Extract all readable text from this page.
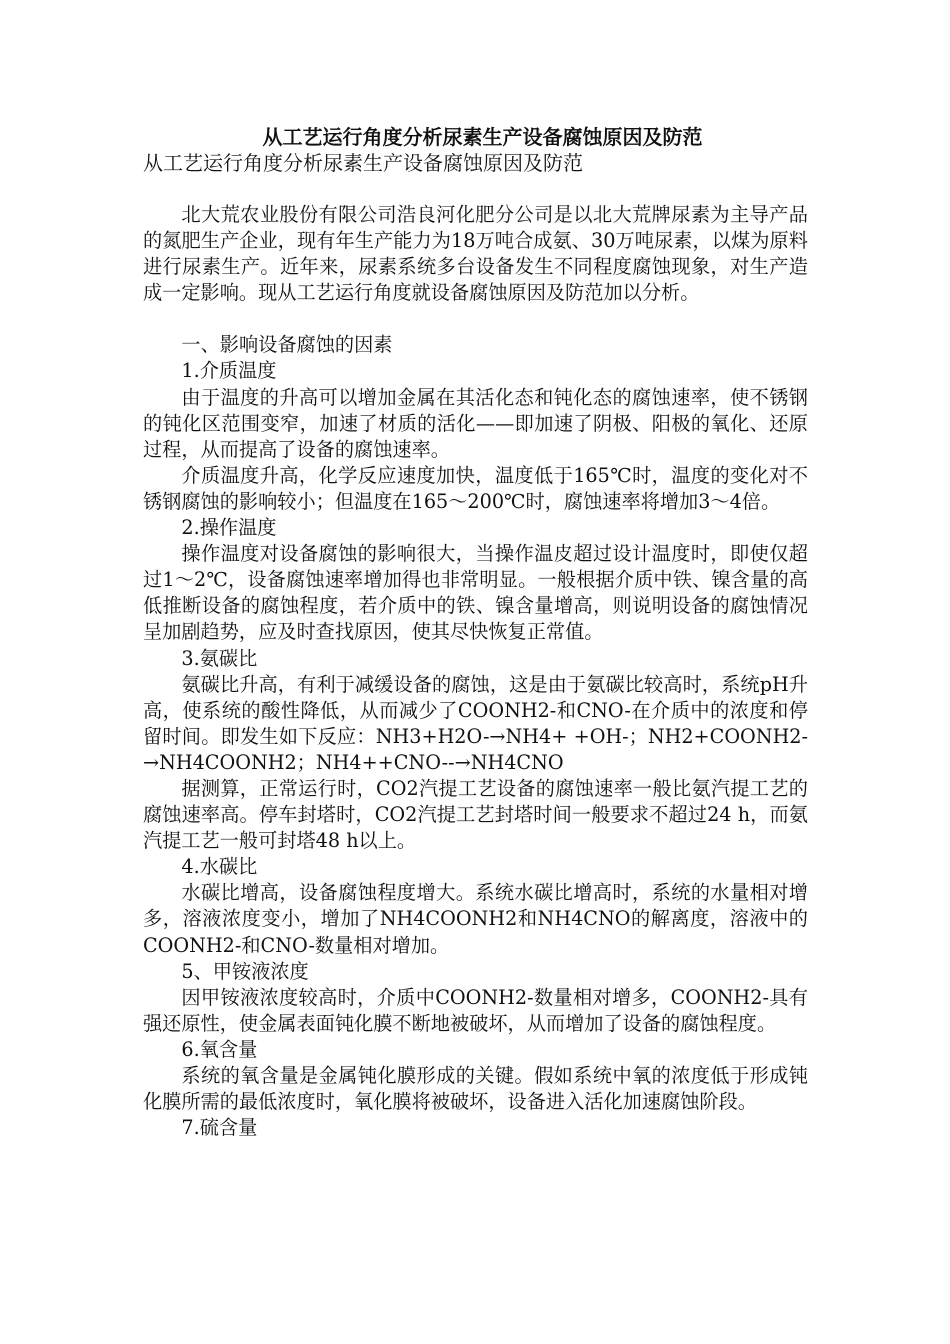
从工艺运行角度分析尿素生产设备腐蚀原因及防范

从工艺运行角度分析尿素生产设备腐蚀原因及防范

北大荒农业股份有限公司浩良河化肥分公司是以北大荒牌尿素为主导产品的氮肥生产企业，现有年生产能力为18万吨合成氨、30万吨尿素，以煤为原料进行尿素生产。近年来，尿素系统多台设备发生不同程度腐蚀现象，对生产造成一定影响。现从工艺运行角度就设备腐蚀原因及防范加以分析。

一、影响设备腐蚀的因素

1.介质温度

由于温度的升高可以增加金属在其活化态和钝化态的腐蚀速率，使不锈钢的钝化区范围变窄，加速了材质的活化——即加速了阴极、阳极的氧化、还原过程，从而提高了设备的腐蚀速率。

介质温度升高，化学反应速度加快，温度低于165℃时，温度的变化对不锈钢腐蚀的影响较小；但温度在165～200℃时，腐蚀速率将增加3～4倍。

2.操作温度

操作温度对设备腐蚀的影响很大，当操作温皮超过设计温度时，即使仅超过1～2℃，设备腐蚀速率增加得也非常明显。一般根据介质中铁、镍含量的高低推断设备的腐蚀程度，若介质中的铁、镍含量增高，则说明设备的腐蚀情况呈加剧趋势，应及时查找原因，使其尽快恢复正常值。

3.氨碳比

氨碳比升高，有利于减缓设备的腐蚀，这是由于氨碳比较高时，系统pH升高，使系统的酸性降低，从而减少了COONH2-和CNO-在介质中的浓度和停留时间。即发生如下反应：NH3+H2O-→NH4+ +OH-；NH2+COONH2-→NH4COONH2；NH4++CNO--→NH4CNO

据测算，正常运行时，CO2汽提工艺设备的腐蚀速率一般比氨汽提工艺的腐蚀速率高。停车封塔时，CO2汽提工艺封塔时间一般要求不超过24 h，而氨汽提工艺一般可封塔48 h以上。

4.水碳比

水碳比增高，设备腐蚀程度增大。系统水碳比增高时，系统的水量相对增多，溶液浓度变小，增加了NH4COONH2和NH4CNO的解离度，溶液中的COONH2-和CNO-数量相对增加。

5、甲铵液浓度

因甲铵液浓度较高时，介质中COONH2-数量相对增多，COONH2-具有强还原性，使金属表面钝化膜不断地被破坏，从而增加了设备的腐蚀程度。

6.氧含量

系统的氧含量是金属钝化膜形成的关键。假如系统中氧的浓度低于形成钝化膜所需的最低浓度时，氧化膜将被破坏，设备进入活化加速腐蚀阶段。

7.硫含量
